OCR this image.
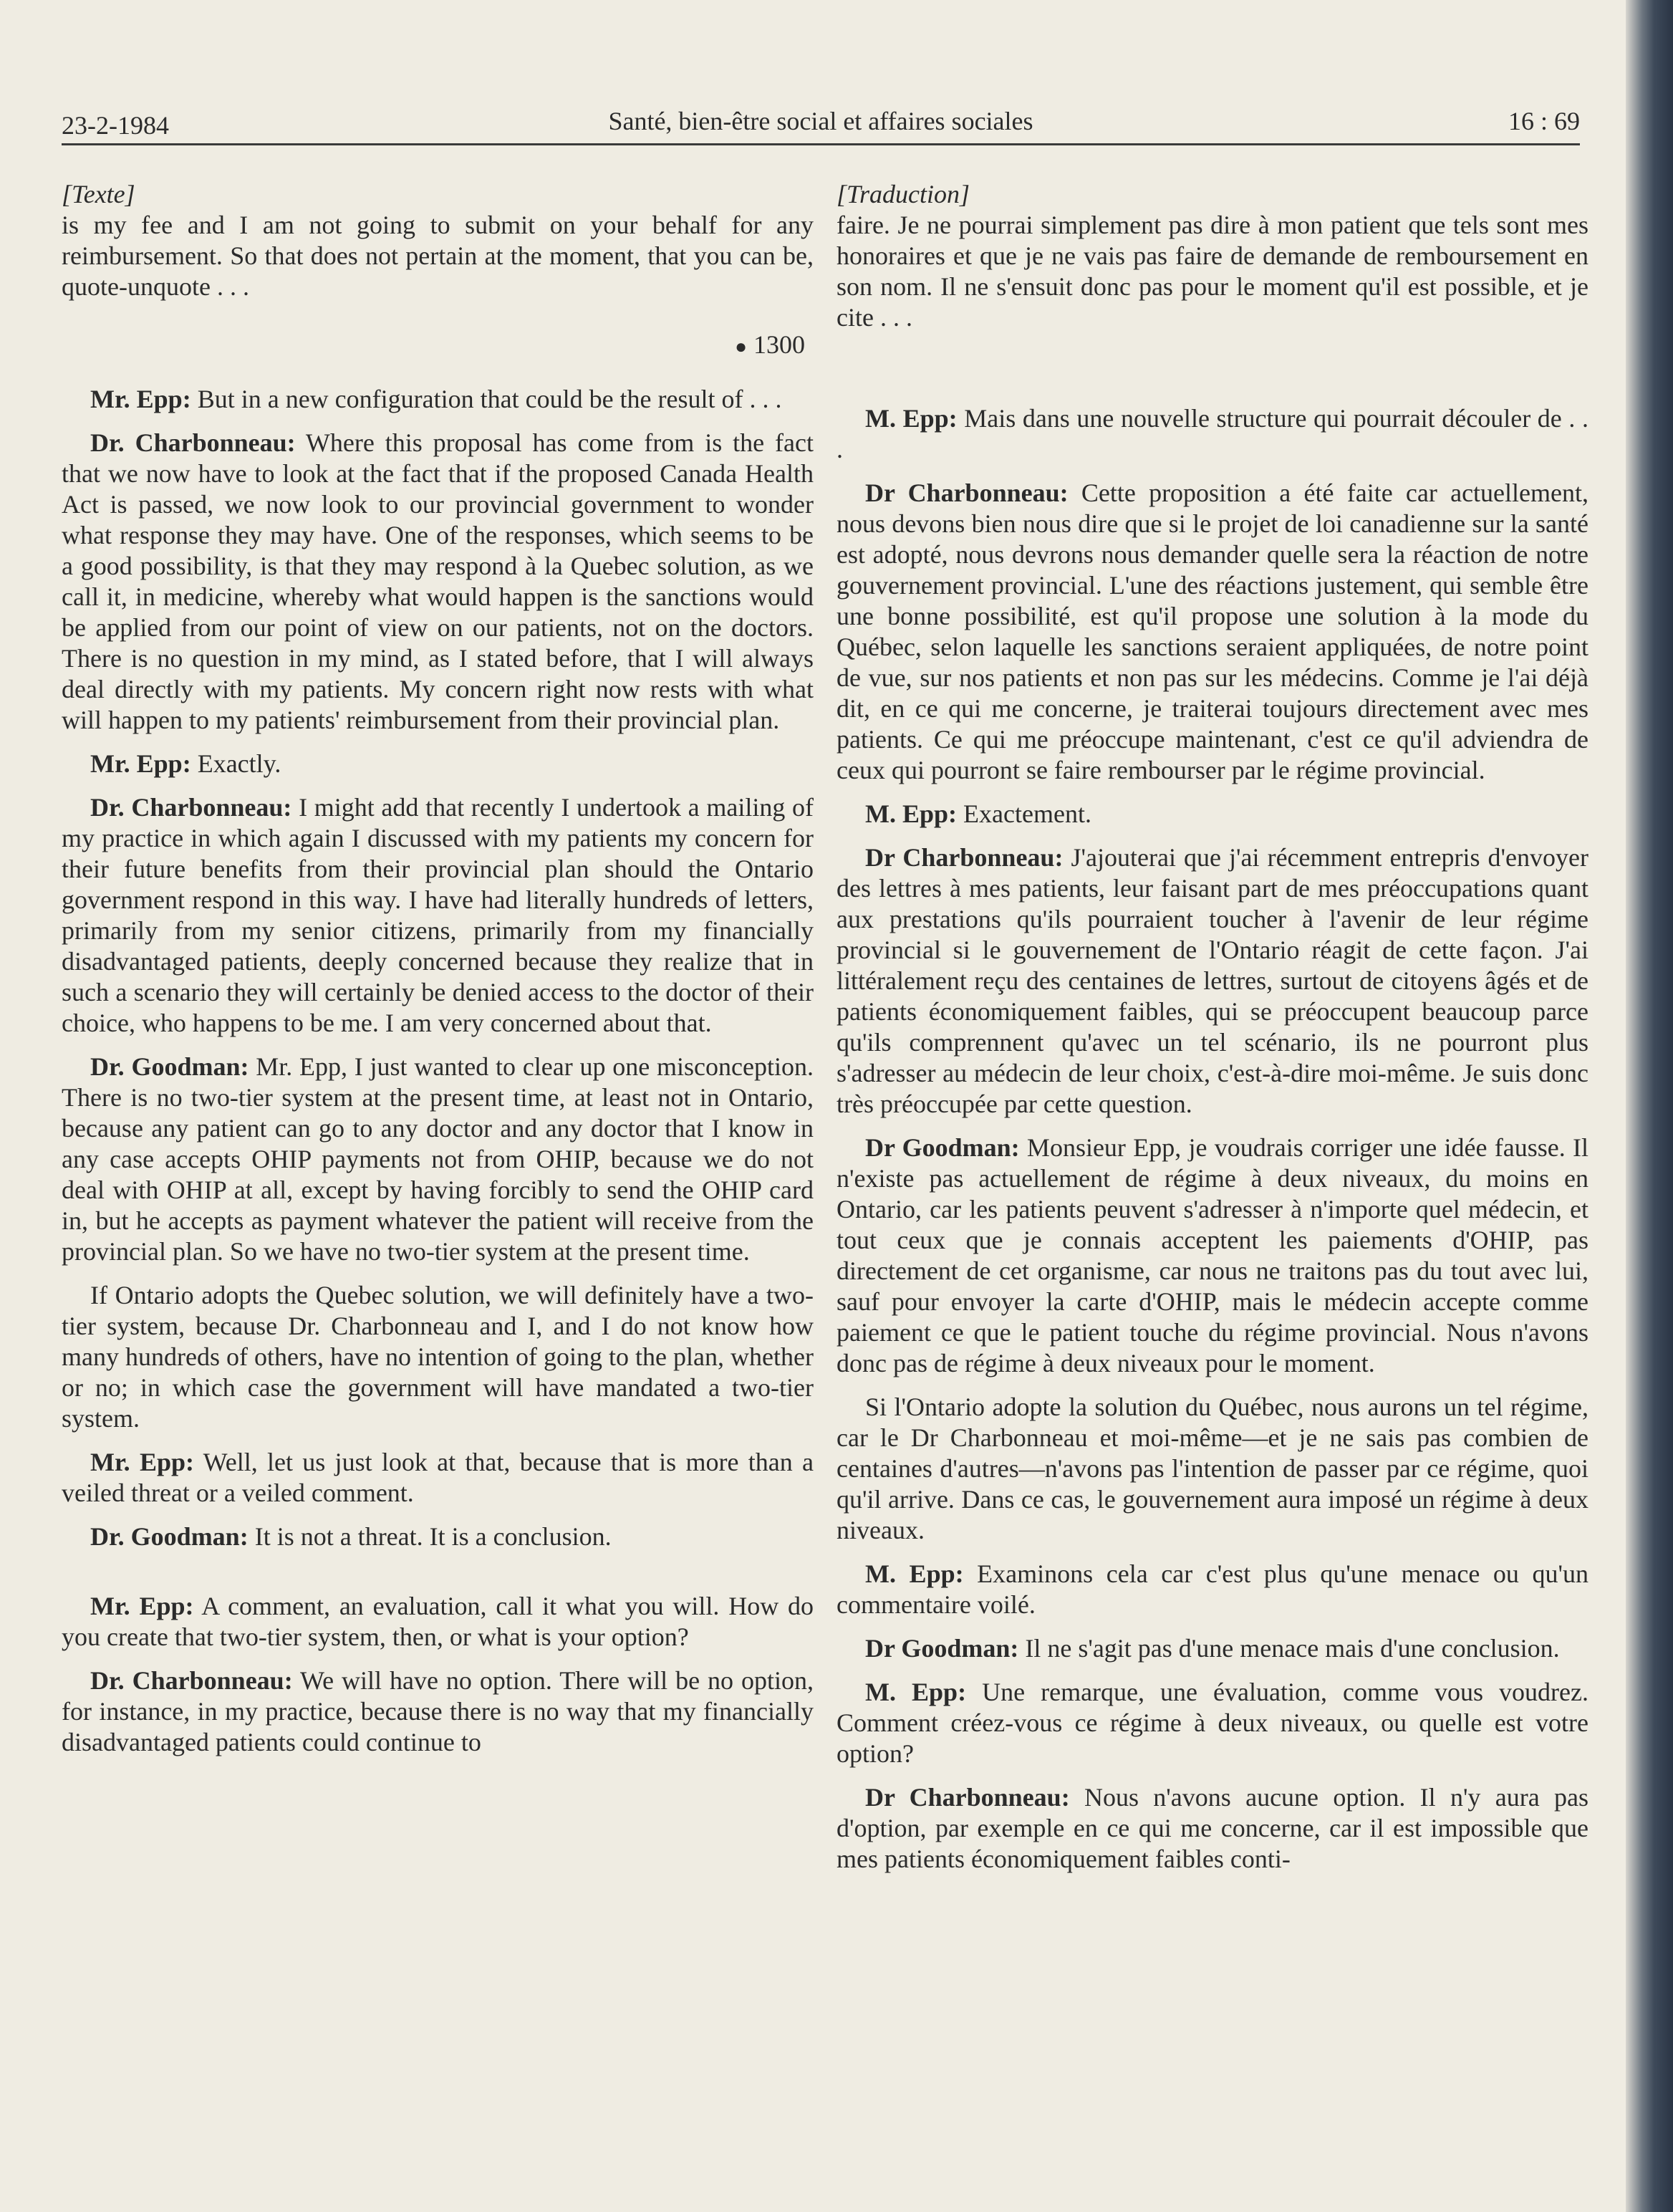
23-2-1984	Santé, bien-être social et affaires sociales	16 : 69

[Texte]

is my fee and I am not going to submit on your behalf for any reimbursement. So that does not pertain at the moment, that you can be, quote-unquote . . .

● 1300

Mr. Epp: But in a new configuration that could be the result of . . .

Dr. Charbonneau: Where this proposal has come from is the fact that we now have to look at the fact that if the proposed Canada Health Act is passed, we now look to our provincial government to wonder what response they may have. One of the responses, which seems to be a good possibility, is that they may respond à la Quebec solution, as we call it, in medicine, whereby what would happen is the sanctions would be applied from our point of view on our patients, not on the doctors. There is no question in my mind, as I stated before, that I will always deal directly with my patients. My concern right now rests with what will happen to my patients' reimbursement from their provincial plan.

Mr. Epp: Exactly.

Dr. Charbonneau: I might add that recently I undertook a mailing of my practice in which again I discussed with my patients my concern for their future benefits from their provincial plan should the Ontario government respond in this way. I have had literally hundreds of letters, primarily from my senior citizens, primarily from my financially disadvantaged patients, deeply concerned because they realize that in such a scenario they will certainly be denied access to the doctor of their choice, who happens to be me. I am very concerned about that.

Dr. Goodman: Mr. Epp, I just wanted to clear up one misconception. There is no two-tier system at the present time, at least not in Ontario, because any patient can go to any doctor and any doctor that I know in any case accepts OHIP payments not from OHIP, because we do not deal with OHIP at all, except by having forcibly to send the OHIP card in, but he accepts as payment whatever the patient will receive from the provincial plan. So we have no two-tier system at the present time.

If Ontario adopts the Quebec solution, we will definitely have a two-tier system, because Dr. Charbonneau and I, and I do not know how many hundreds of others, have no intention of going to the plan, whether or no; in which case the government will have mandated a two-tier system.

Mr. Epp: Well, let us just look at that, because that is more than a veiled threat or a veiled comment.

Dr. Goodman: It is not a threat. It is a conclusion.

Mr. Epp: A comment, an evaluation, call it what you will. How do you create that two-tier system, then, or what is your option?

Dr. Charbonneau: We will have no option. There will be no option, for instance, in my practice, because there is no way that my financially disadvantaged patients could continue to

[Traduction]

faire. Je ne pourrai simplement pas dire à mon patient que tels sont mes honoraires et que je ne vais pas faire de demande de remboursement en son nom. Il ne s'ensuit donc pas pour le moment qu'il est possible, et je cite . . .

M. Epp: Mais dans une nouvelle structure qui pourrait découler de . . .

Dr Charbonneau: Cette proposition a été faite car actuellement, nous devons bien nous dire que si le projet de loi canadienne sur la santé est adopté, nous devrons nous demander quelle sera la réaction de notre gouvernement provincial. L'une des réactions justement, qui semble être une bonne possibilité, est qu'il propose une solution à la mode du Québec, selon laquelle les sanctions seraient appliquées, de notre point de vue, sur nos patients et non pas sur les médecins. Comme je l'ai déjà dit, en ce qui me concerne, je traiterai toujours directement avec mes patients. Ce qui me préoccupe maintenant, c'est ce qu'il adviendra de ceux qui pourront se faire rembourser par le régime provincial.

M. Epp: Exactement.

Dr Charbonneau: J'ajouterai que j'ai récemment entrepris d'envoyer des lettres à mes patients, leur faisant part de mes préoccupations quant aux prestations qu'ils pourraient toucher à l'avenir de leur régime provincial si le gouvernement de l'Ontario réagit de cette façon. J'ai littéralement reçu des centaines de lettres, surtout de citoyens âgés et de patients économiquement faibles, qui se préoccupent beaucoup parce qu'ils comprennent qu'avec un tel scénario, ils ne pourront plus s'adresser au médecin de leur choix, c'est-à-dire moi-même. Je suis donc très préoccupée par cette question.

Dr Goodman: Monsieur Epp, je voudrais corriger une idée fausse. Il n'existe pas actuellement de régime à deux niveaux, du moins en Ontario, car les patients peuvent s'adresser à n'importe quel médecin, et tout ceux que je connais acceptent les paiements d'OHIP, pas directement de cet organisme, car nous ne traitons pas du tout avec lui, sauf pour envoyer la carte d'OHIP, mais le médecin accepte comme paiement ce que le patient touche du régime provincial. Nous n'avons donc pas de régime à deux niveaux pour le moment.

Si l'Ontario adopte la solution du Québec, nous aurons un tel régime, car le Dr Charbonneau et moi-même—et je ne sais pas combien de centaines d'autres—n'avons pas l'intention de passer par ce régime, quoi qu'il arrive. Dans ce cas, le gouvernement aura imposé un régime à deux niveaux.

M. Epp: Examinons cela car c'est plus qu'une menace ou qu'un commentaire voilé.

Dr Goodman: Il ne s'agit pas d'une menace mais d'une conclusion.

M. Epp: Une remarque, une évaluation, comme vous voudrez. Comment créez-vous ce régime à deux niveaux, ou quelle est votre option?

Dr Charbonneau: Nous n'avons aucune option. Il n'y aura pas d'option, par exemple en ce qui me concerne, car il est impossible que mes patients économiquement faibles conti-
